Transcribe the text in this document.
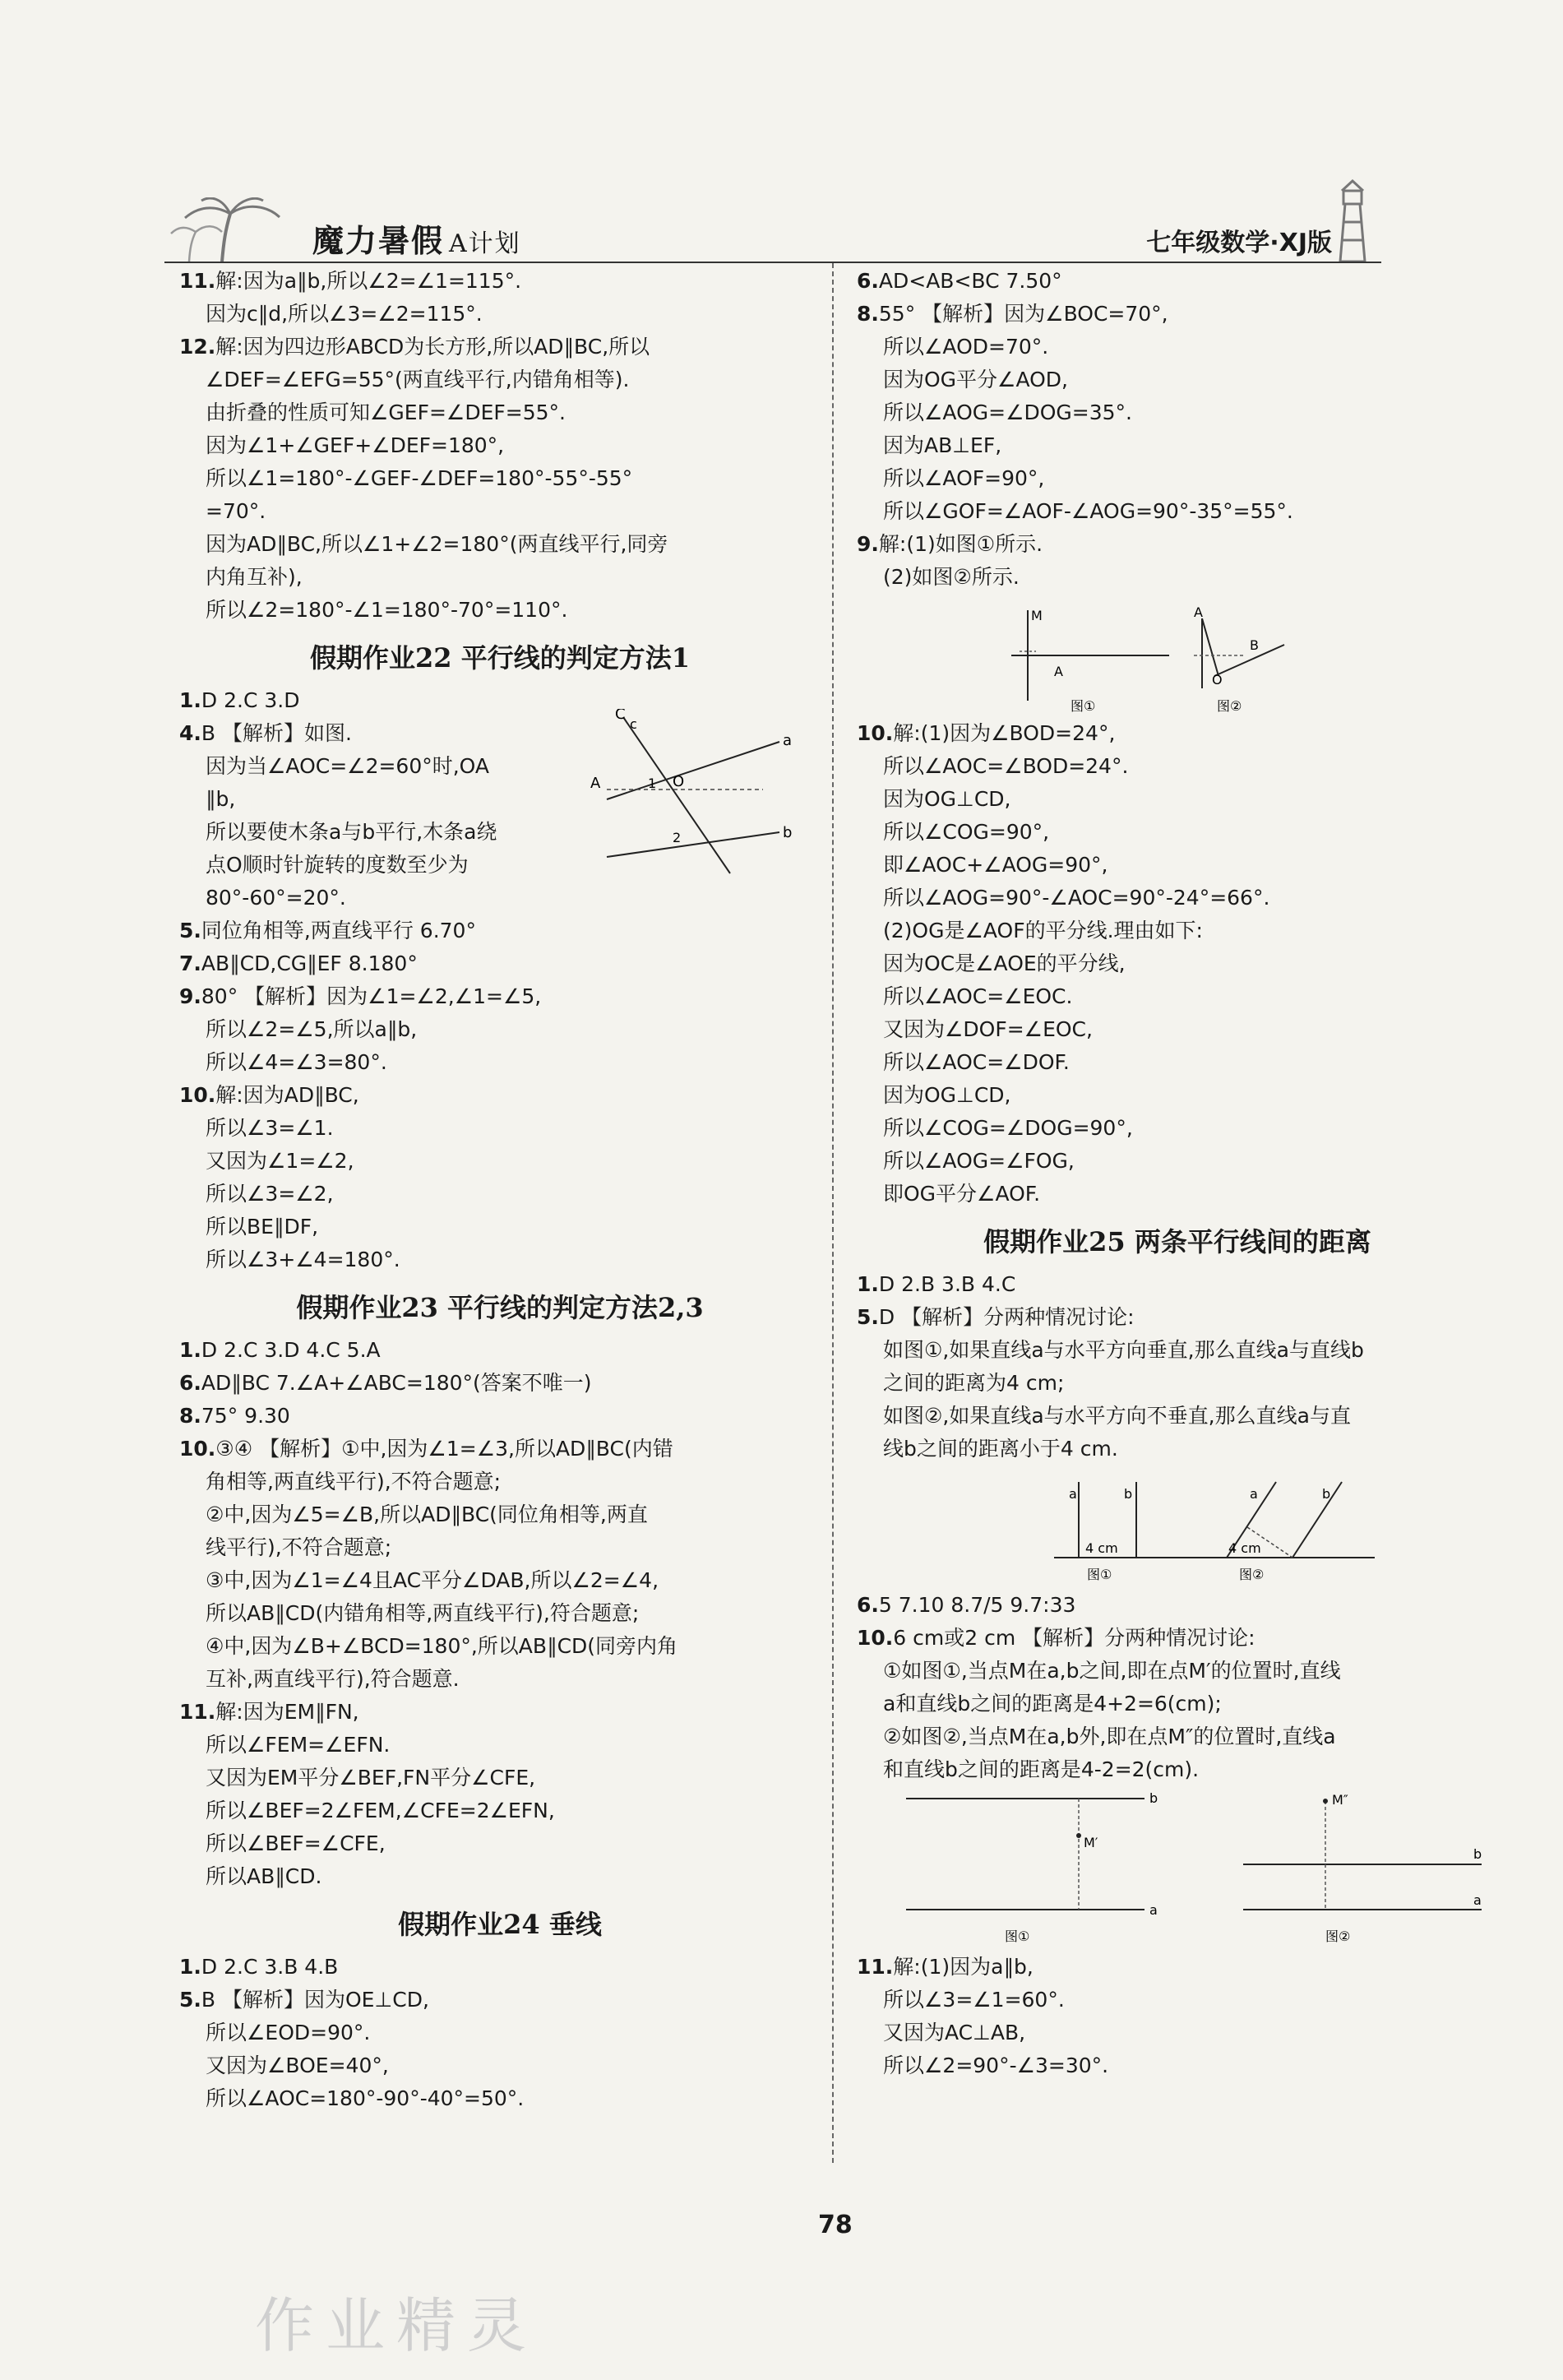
魔力暑假 A计划	七年级数学·XJ版
11.解:因为a∥b,所以∠2=∠1=115°.
因为c∥d,所以∠3=∠2=115°.
12.解:因为四边形ABCD为长方形,所以AD∥BC,所以
∠DEF=∠EFG=55°(两直线平行,内错角相等).
由折叠的性质可知∠GEF=∠DEF=55°.
因为∠1+∠GEF+∠DEF=180°,
所以∠1=180°-∠GEF-∠DEF=180°-55°-55°
=70°.
因为AD∥BC,所以∠1+∠2=180°(两直线平行,同旁
内角互补),
所以∠2=180°-∠1=180°-70°=110°.
假期作业22 平行线的判定方法1
1.D 2.C 3.D
4.B 【解析】如图.
C
c
A	1 O
a
2	b
因为当∠AOC=∠2=60°时,OA
∥b,
所以要使木条a与b平行,木条a绕
点O顺时针旋转的度数至少为
80°-60°=20°.
5.同位角相等,两直线平行 6.70°
7.AB∥CD,CG∥EF 8.180°
9.80° 【解析】因为∠1=∠2,∠1=∠5,
所以∠2=∠5,所以a∥b,
所以∠4=∠3=80°.
10.解:因为AD∥BC,
所以∠3=∠1.
又因为∠1=∠2,
所以∠3=∠2,
所以BE∥DF,
所以∠3+∠4=180°.
假期作业23 平行线的判定方法2,3
1.D 2.C 3.D 4.C 5.A
6.AD∥BC 7.∠A+∠ABC=180°(答案不唯一)
8.75° 9.30
10.③④ 【解析】①中,因为∠1=∠3,所以AD∥BC(内错
角相等,两直线平行),不符合题意;
②中,因为∠5=∠B,所以AD∥BC(同位角相等,两直
线平行),不符合题意;
③中,因为∠1=∠4且AC平分∠DAB,所以∠2=∠4,
所以AB∥CD(内错角相等,两直线平行),符合题意;
④中,因为∠B+∠BCD=180°,所以AB∥CD(同旁内角
互补,两直线平行),符合题意.
11.解:因为EM∥FN,
所以∠FEM=∠EFN.
又因为EM平分∠BEF,FN平分∠CFE,
所以∠BEF=2∠FEM,∠CFE=2∠EFN,
所以∠BEF=∠CFE,
所以AB∥CD.
假期作业24 垂线
1.D 2.C 3.B 4.B
5.B 【解析】因为OE⊥CD,
所以∠EOD=90°.
又因为∠BOE=40°,
所以∠AOC=180°-90°-40°=50°.
6.AD<AB<BC 7.50°
8.55° 【解析】因为∠BOC=70°,
所以∠AOD=70°.
因为OG平分∠AOD,
所以∠AOG=∠DOG=35°.
因为AB⊥EF,
所以∠AOF=90°,
所以∠GOF=∠AOF-∠AOG=90°-35°=55°.
9.解:(1)如图①所示.
(2)如图②所示.
M
A
图①
A
B
O
图②
10.解:(1)因为∠BOD=24°,
所以∠AOC=∠BOD=24°.
因为OG⊥CD,
所以∠COG=90°,
即∠AOC+∠AOG=90°,
所以∠AOG=90°-∠AOC=90°-24°=66°.
(2)OG是∠AOF的平分线.理由如下:
因为OC是∠AOE的平分线,
所以∠AOC=∠EOC.
又因为∠DOF=∠EOC,
所以∠AOC=∠DOF.
因为OG⊥CD,
所以∠COG=∠DOG=90°,
所以∠AOG=∠FOG,
即OG平分∠AOF.
假期作业25 两条平行线间的距离
1.D 2.B 3.B 4.C
5.D 【解析】分两种情况讨论:
如图①,如果直线a与水平方向垂直,那么直线a与直线b
之间的距离为4 cm;
如图②,如果直线a与水平方向不垂直,那么直线a与直
线b之间的距离小于4 cm.
a	b
4 cm
图①
a	b
4 cm
图②
6.5 7.10 8.7/5 9.7:33
10.6 cm或2 cm 【解析】分两种情况讨论:
①如图①,当点M在a,b之间,即在点M′的位置时,直线
a和直线b之间的距离是4+2=6(cm);
②如图②,当点M在a,b外,即在点M″的位置时,直线a
和直线b之间的距离是4-2=2(cm).
b
M′
a
图①
M″
b
a
图②
11.解:(1)因为a∥b,
所以∠3=∠1=60°.
又因为AC⊥AB,
所以∠2=90°-∠3=30°.
78
作业精灵
